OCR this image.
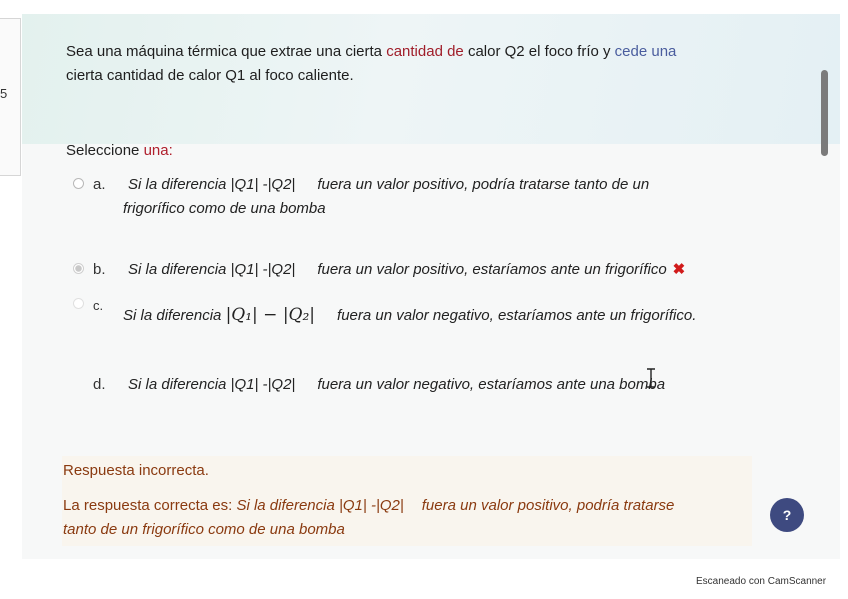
5
Sea una máquina térmica que extrae una cierta cantidad de calor Q2 el foco frío y cede una
cierta cantidad de calor Q1 al foco caliente.
Seleccione una:
a. Si la diferencia |Q1| -|Q2| fuera un valor positivo, podría tratarse tanto de un
frigorífico como de una bomba
b. Si la diferencia |Q1| -|Q2| fuera un valor positivo, estaríamos ante un frigorífico ✖
c.
Si la diferencia |Q₁| − |Q₂| fuera un valor negativo, estaríamos ante un frigorífico.
d. Si la diferencia |Q1| -|Q2| fuera un valor negativo, estaríamos ante una bomba
Respuesta incorrecta.
La respuesta correcta es: Si la diferencia |Q1| -|Q2| fuera un valor positivo, podría tratarse
tanto de un frigorífico como de una bomba
?
Escaneado con CamScanner
